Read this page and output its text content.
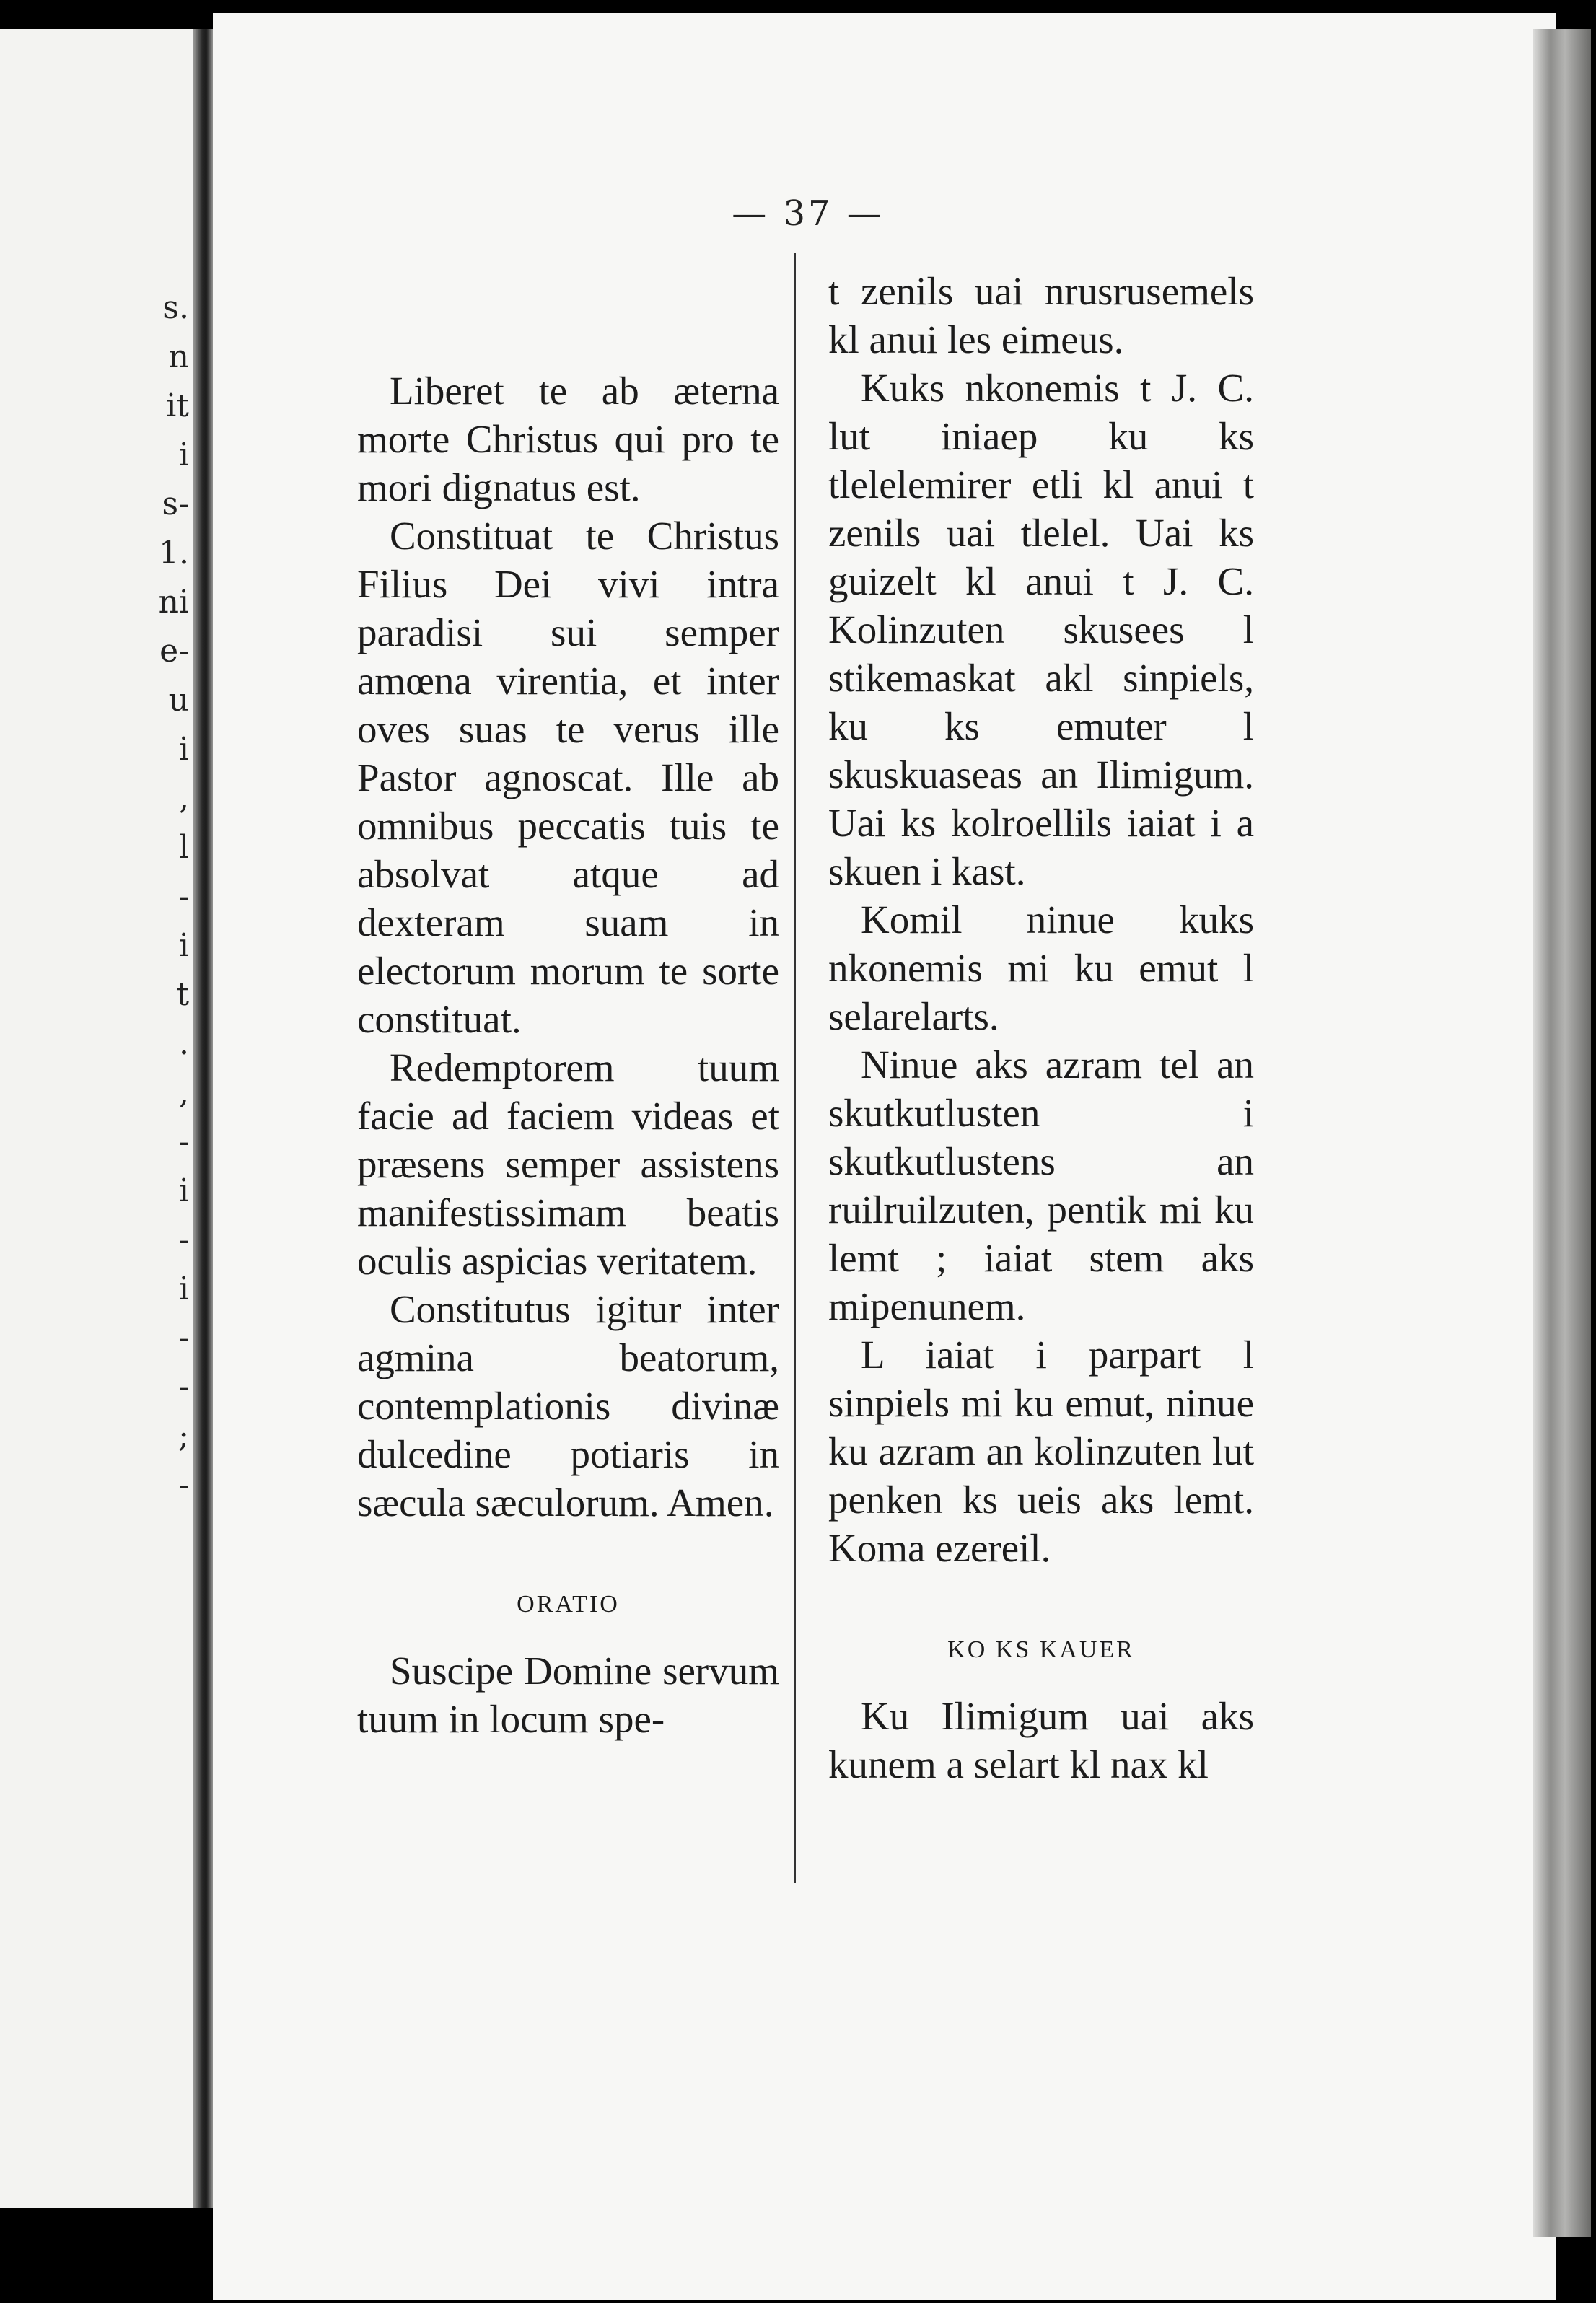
s.
n
it
i
s-
1.
ni
e-
u
i
,
l
-
i
t
.
,
-
i
-
i
-
-
;
-
— 37 —

Liberet te ab æterna morte Christus qui pro te mori dignatus est.

Constituat te Christus Filius Dei vivi intra paradisi sui semper amœna virentia, et inter oves suas te verus ille Pastor agnoscat. Ille ab omnibus peccatis tuis te absolvat atque ad dexteram suam in electorum morum te sorte constituat.

Redemptorem tuum facie ad faciem videas et præsens semper assistens manifestissimam beatis oculis aspicias veritatem.

Constitutus igitur inter agmina beatorum, contemplationis divinæ dulcedine potiaris in sæcula sæculorum. Amen.

ORATIO

Suscipe Domine servum tuum in locum spe-

t zenils uai nrusrusemels kl anui les eimeus.

Kuks nkonemis t J. C. lut iniaep ku ks tlelelemirer etli kl anui t zenils uai tlelel. Uai ks guizelt kl anui t J. C. Kolinzuten skusees l stikemaskat akl sinpiels, ku ks emuter l skuskuaseas an Ilimigum. Uai ks kolroellils iaiat i a skuen i kast.

Komil ninue kuks nkonemis mi ku emut l selarelarts.

Ninue aks azram tel an skutkutlusten i skutkutlustens an ruilruilzuten, pentik mi ku lemt ; iaiat stem aks mipenunem.

L iaiat i parpart l sinpiels mi ku emut, ninue ku azram an kolinzuten lut penken ks ueis aks lemt. Koma ezereil.

KO KS KAUER

Ku Ilimigum uai aks kunem a selart kl nax kl
